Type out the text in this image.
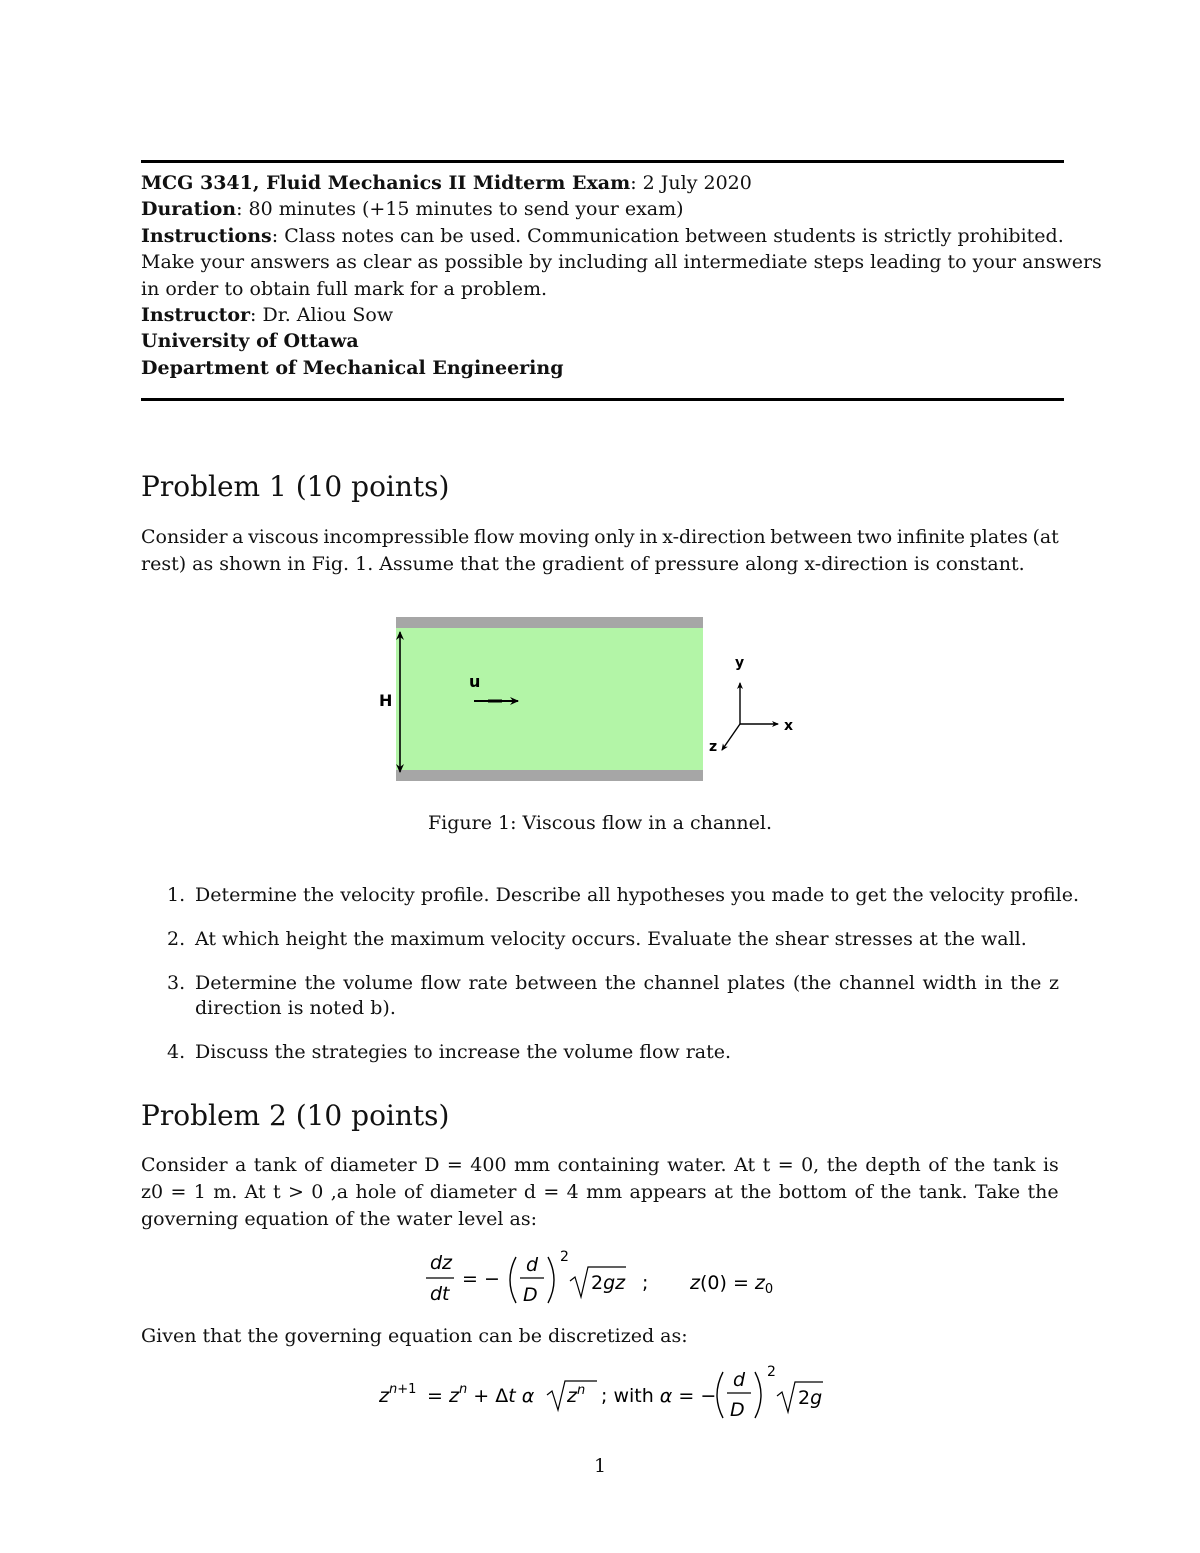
MCG 3341, Fluid Mechanics II Midterm Exam: 2 July 2020
Duration: 80 minutes (+15 minutes to send your exam)
Instructions: Class notes can be used. Communication between students is strictly prohibited.
Make your answers as clear as possible by including all intermediate steps leading to your answers
in order to obtain full mark for a problem.
Instructor: Dr. Aliou Sow
University of Ottawa
Department of Mechanical Engineering
Problem 1 (10 points)
Consider a viscous incompressible flow moving only in x-direction between two infinite plates (at
rest) as shown in Fig. 1. Assume that the gradient of pressure along x-direction is constant.
H
u
y
x
z
Figure 1: Viscous flow in a channel.
1. Determine the velocity profile. Describe all hypotheses you made to get the velocity profile.
2. At which height the maximum velocity occurs. Evaluate the shear stresses at the wall.
3. Determine the volume flow rate between the channel plates (the channel width in the z
direction is noted b).
4. Discuss the strategies to increase the volume flow rate.
Problem 2 (10 points)
Consider a tank of diameter D = 400 mm containing water. At t = 0, the depth of the tank is
z0 = 1 m. At t > 0 ,a hole of diameter d = 4 mm appears at the bottom of the tank. Take the
governing equation of the water level as:
dz
dt
= −
d
D
2
2gz ; $z(0) = z_0$
Given that the governing equation can be discretized as:
$z^n+1 = z^n + \Delta t$ α $z^n$ ; with α = −
d
D
2
2g
1
